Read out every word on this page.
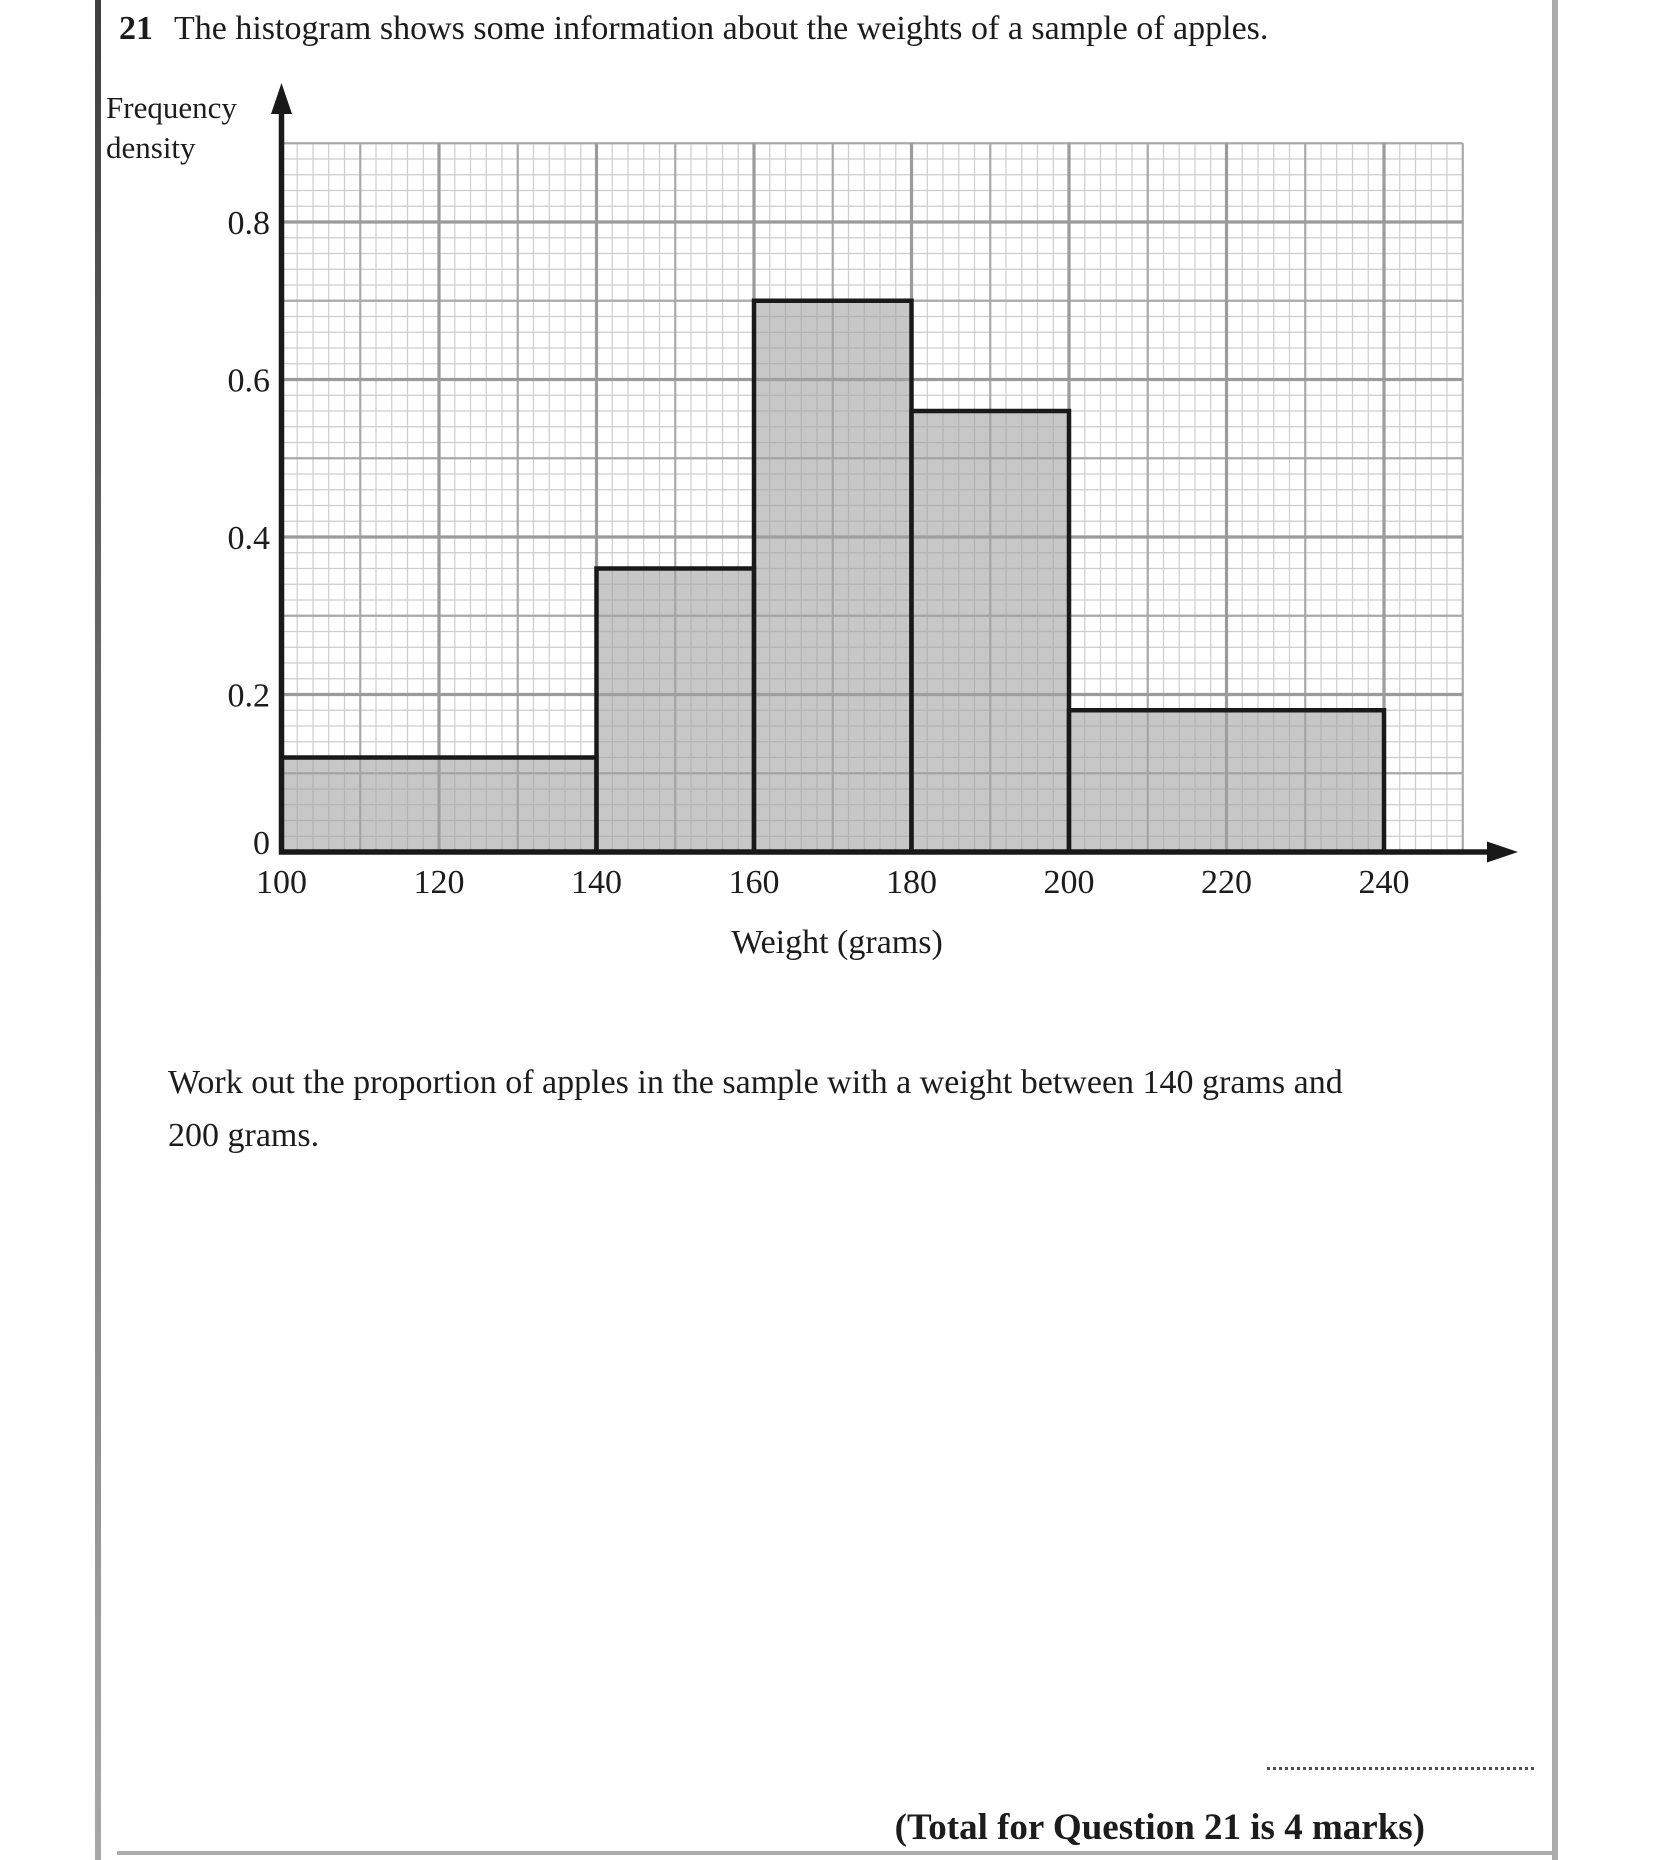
21 The histogram shows some information about the weights of a sample of apples.
Frequency
density
0
0.2
0.4
0.6
0.8
100	120	140	160	180	200	220	240
Weight (grams)
Work out the proportion of apples in the sample with a weight between 140 grams and
200 grams.
(Total for Question 21 is 4 marks)
